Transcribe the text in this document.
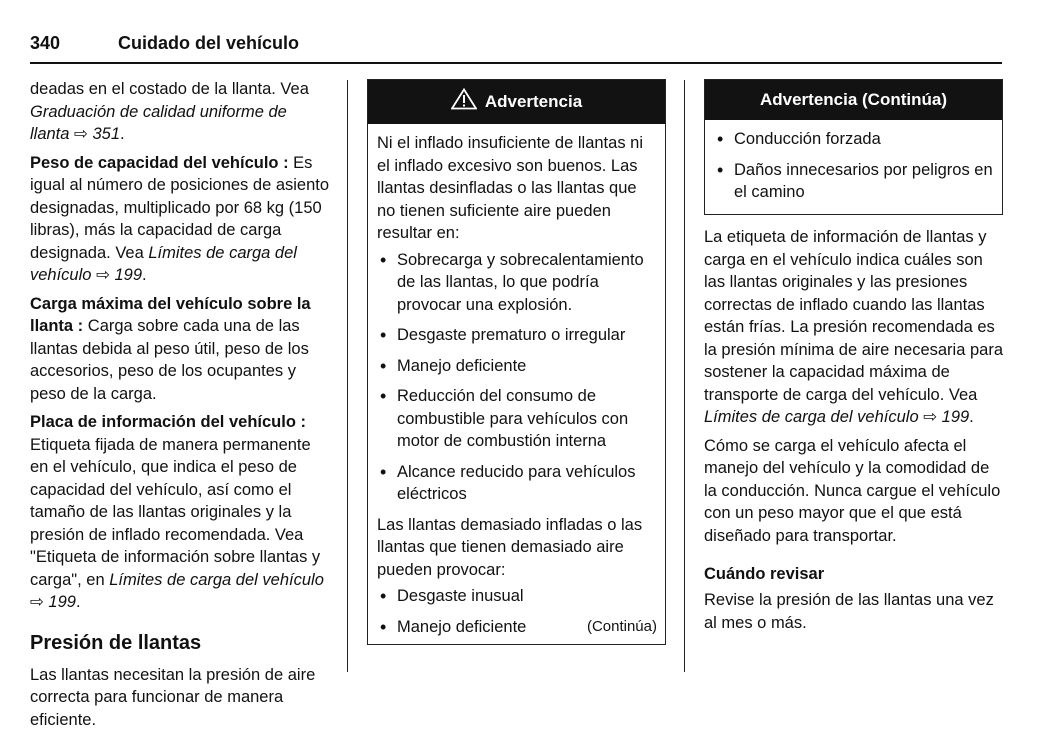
340	Cuidado del vehículo

deadas en el costado de la llanta. Vea Graduación de calidad uniforme de llanta ⇨ 351.

Peso de capacidad del vehículo : Es igual al número de posiciones de asiento designadas, multiplicado por 68 kg (150 libras), más la capacidad de carga designada. Vea Límites de carga del vehículo ⇨ 199.

Carga máxima del vehículo sobre la llanta : Carga sobre cada una de las llantas debida al peso útil, peso de los accesorios, peso de los ocupantes y peso de la carga.

Placa de información del vehículo : Etiqueta fijada de manera permanente en el vehículo, que indica el peso de capacidad del vehículo, así como el tamaño de las llantas originales y la presión de inflado recomendada. Vea "Etiqueta de información sobre llantas y carga", en Límites de carga del vehículo ⇨ 199.

Presión de llantas

Las llantas necesitan la presión de aire correcta para funcionar de manera eficiente.

Advertencia

Ni el inflado insuficiente de llantas ni el inflado excesivo son buenos. Las llantas desinfladas o las llantas que no tienen suficiente aire pueden resultar en:

• Sobrecarga y sobrecalentamiento de las llantas, lo que podría provocar una explosión.
• Desgaste prematuro o irregular
• Manejo deficiente
• Reducción del consumo de combustible para vehículos con motor de combustión interna
• Alcance reducido para vehículos eléctricos

Las llantas demasiado infladas o las llantas que tienen demasiado aire pueden provocar:

• Desgaste inusual
• Manejo deficiente	(Continúa)
Advertencia (Continúa)
• Conducción forzada
• Daños innecesarios por peligros en el camino

La etiqueta de información de llantas y carga en el vehículo indica cuáles son las llantas originales y las presiones correctas de inflado cuando las llantas están frías. La presión recomendada es la presión mínima de aire necesaria para sostener la capacidad máxima de transporte de carga del vehículo. Vea Límites de carga del vehículo ⇨ 199.

Cómo se carga el vehículo afecta el manejo del vehículo y la comodidad de la conducción. Nunca cargue el vehículo con un peso mayor que el que está diseñado para transportar.

Cuándo revisar

Revise la presión de las llantas una vez al mes o más.
